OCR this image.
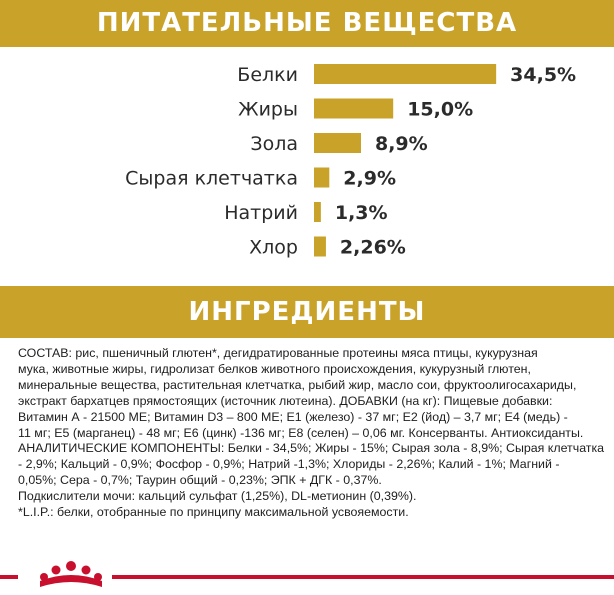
ПИТАТЕЛЬНЫЕ ВЕЩЕСТВА
Белки	34,5%
Жиры	15,0%
Зола	8,9%
Сырая клетчатка 2,9%
Натрий 1,3%
Хлор 2,26%
ИНГРЕДИЕНТЫ
СОСТАВ: рис, пшеничный глютен*, дегидратированные протеины мяса птицы, кукурузная
мука, животные жиры, гидролизат белков животного происхождения, кукурузный глютен,
минеральные вещества, растительная клетчатка, рыбий жир, масло сои, фруктоолигосахариды,
экстракт бархатцев прямостоящих (источник лютеина). ДОБАВКИ (на кг): Пищевые добавки:
Витамин А - 21500 МЕ; Витамин D3 – 800 МЕ; Е1 (железо) - 37 мг; Е2 (йод) – 3,7 мг; Е4 (медь) -
11 мг; Е5 (марганец) - 48 мг; Е6 (цинк) -136 мг; Е8 (селен) – 0,06 мг. Консерванты. Антиоксиданты.
АНАЛИТИЧЕСКИЕ КОМПОНЕНТЫ: Белки - 34,5%; Жиры - 15%; Сырая зола - 8,9%; Сырая клетчатка
- 2,9%; Кальций - 0,9%; Фосфор - 0,9%; Натрий -1,3%; Хлориды - 2,26%; Калий - 1%; Магний -
0,05%; Сера - 0,7%; Таурин общий - 0,23%; ЭПК + ДГК - 0,37%.
Подкислители мочи: кальций сульфат (1,25%), DL-метионин (0,39%).
*L.I.P.: белки, отобранные по принципу максимальной усвояемости.
